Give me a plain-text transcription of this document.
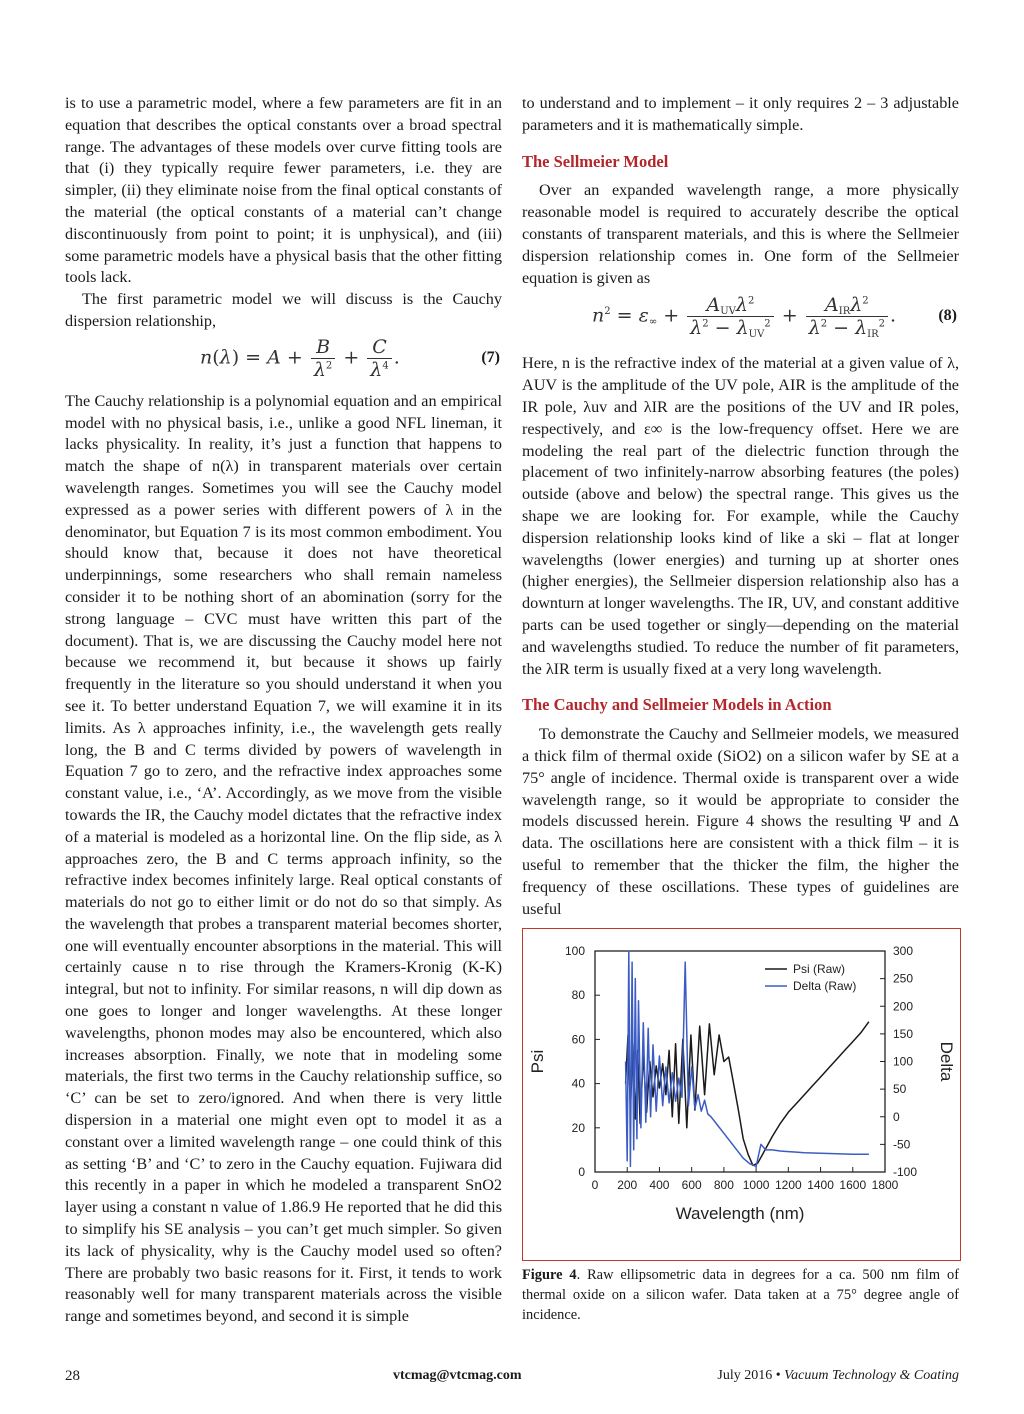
is to use a parametric model, where a few parameters are fit in an equation that describes the optical constants over a broad spectral range. The advantages of these models over curve fitting tools are that (i) they typically require fewer parameters, i.e. they are simpler, (ii) they eliminate noise from the final optical constants of the material (the optical constants of a material can’t change discontinuously from point to point; it is unphysical), and (iii) some parametric models have a physical basis that the other fitting tools lack.

The first parametric model we will discuss is the Cauchy dispersion relationship,

$n(\lambda) = A + \frac{B}{\lambda^2} + \frac{C}{\lambda^4}$ .	(7)

The Cauchy relationship is a polynomial equation and an empirical model with no physical basis, i.e., unlike a good NFL lineman, it lacks physicality. In reality, it’s just a function that happens to match the shape of n(λ) in transparent materials over certain wavelength ranges. Sometimes you will see the Cauchy model expressed as a power series with different powers of λ in the denominator, but Equation 7 is its most common embodiment. You should know that, because it does not have theoretical underpinnings, some researchers who shall remain nameless consider it to be nothing short of an abomination (sorry for the strong language – CVC must have written this part of the document). That is, we are discussing the Cauchy model here not because we recommend it, but because it shows up fairly frequently in the literature so you should understand it when you see it. To better understand Equation 7, we will examine it in its limits. As λ approaches infinity, i.e., the wavelength gets really long, the B and C terms divided by powers of wavelength in Equation 7 go to zero, and the refractive index approaches some constant value, i.e., ‘A’. Accordingly, as we move from the visible towards the IR, the Cauchy model dictates that the refractive index of a material is modeled as a horizontal line. On the flip side, as λ approaches zero, the B and C terms approach infinity, so the refractive index becomes infinitely large. Real optical constants of materials do not go to either limit or do not do so that simply. As the wavelength that probes a transparent material becomes shorter, one will eventually encounter absorptions in the material. This will certainly cause n to rise through the Kramers-Kronig (K-K) integral, but not to infinity. For similar reasons, n will dip down as one goes to longer and longer wavelengths. At these longer wavelengths, phonon modes may also be encountered, which also increases absorption. Finally, we note that in modeling some materials, the first two terms in the Cauchy relationship suffice, so ‘C’ can be set to zero/ignored. And when there is very little dispersion in a material one might even opt to model it as a constant over a limited wavelength range – one could think of this as setting ‘B’ and ‘C’ to zero in the Cauchy equation. Fujiwara did this recently in a paper in which he modeled a transparent SnO2 layer using a constant n value of 1.86.9 He reported that he did this to simplify his SE analysis – you can’t get much simpler. So given its lack of physicality, why is the Cauchy model used so often? There are probably two basic reasons for it. First, it tends to work reasonably well for many transparent materials across the visible range and sometimes beyond, and second it is simple

to understand and to implement – it only requires 2 – 3 adjustable parameters and it is mathematically simple.

The Sellmeier Model

Over an expanded wavelength range, a more physically reasonable model is required to accurately describe the optical constants of transparent materials, and this is where the Sellmeier dispersion relationship comes in. One form of the Sellmeier equation is given as

$n^2 = \varepsilon_\infty + \frac{A_{UV}\lambda^2}{\lambda^2 - \lambda_{UV}^2} + \frac{A_{IR}\lambda^2}{\lambda^2 - \lambda_{IR}^2}$ .	(8)

Here, n is the refractive index of the material at a given value of λ, AUV is the amplitude of the UV pole, AIR is the amplitude of the IR pole, λuv and λIR are the positions of the UV and IR poles, respectively, and ε∞ is the low-frequency offset. Here we are modeling the real part of the dielectric function through the placement of two infinitely-narrow absorbing features (the poles) outside (above and below) the spectral range. This gives us the shape we are looking for. For example, while the Cauchy dispersion relationship looks kind of like a ski – flat at longer wavelengths (lower energies) and turning up at shorter ones (higher energies), the Sellmeier dispersion relationship also has a downturn at longer wavelengths. The IR, UV, and constant additive parts can be used together or singly—depending on the material and wavelengths studied. To reduce the number of fit parameters, the λIR term is usually fixed at a very long wavelength.

The Cauchy and Sellmeier Models in Action

To demonstrate the Cauchy and Sellmeier models, we measured a thick film of thermal oxide (SiO2) on a silicon wafer by SE at a 75° angle of incidence. Thermal oxide is transparent over a wide wavelength range, so it would be appropriate to consider the models discussed herein. Figure 4 shows the resulting Ψ and Δ data. The oscillations here are consistent with a thick film – it is useful to remember that the thicker the film, the higher the frequency of these oscillations. These types of guidelines are useful

0 200 400 600 800 1000 1200 1400 1600 1800
0
20
40
60
80
100
-100
-50
0
50
100
150
200
250
300
Wavelength (nm)
Psi	Delta
Psi (Raw)
Delta (Raw)
Figure 4. Raw ellipsometric data in degrees for a ca. 500 nm film of thermal oxide on a silicon wafer. Data taken at a 75° degree angle of incidence.
28	vtcmag@vtcmag.com	July 2016 • Vacuum Technology & Coating
